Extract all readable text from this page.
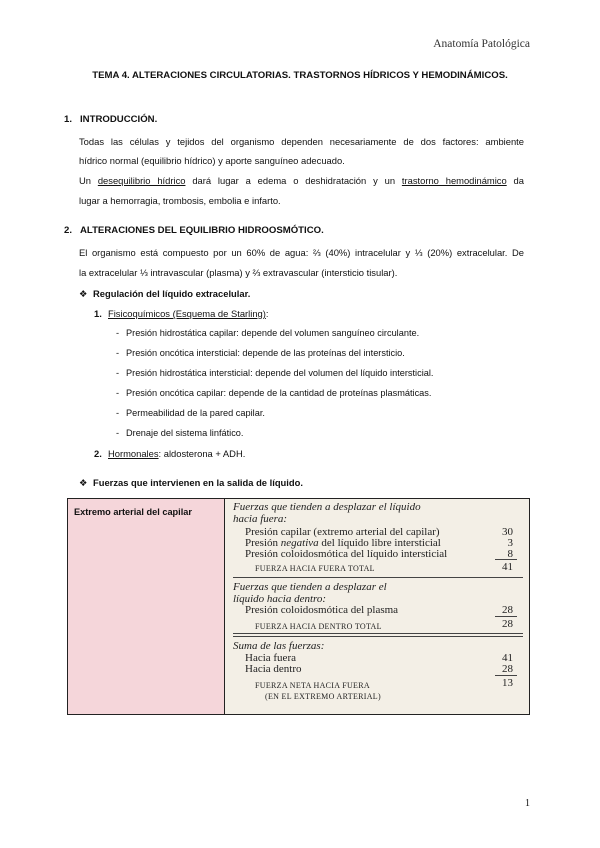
Anatomía Patológica
TEMA 4. ALTERACIONES CIRCULATORIAS. TRASTORNOS HÍDRICOS Y HEMODINÁMICOS.
1. INTRODUCCIÓN.
Todas las células y tejidos del organismo dependen necesariamente de dos factores: ambiente
hídrico normal (equilibrio hídrico) y aporte sanguíneo adecuado.
Un desequilibrio hídrico dará lugar a edema o deshidratación y un trastorno hemodinámico da
lugar a hemorragia, trombosis, embolia e infarto.
2. ALTERACIONES DEL EQUILIBRIO HIDROOSMÓTICO.
El organismo está compuesto por un 60% de agua: ⅔ (40%) intracelular y ⅓ (20%) extracelular. De
la extracelular ⅓ intravascular (plasma) y ⅔ extravascular (intersticio tisular).
❖ Regulación del líquido extracelular.
1. Fisicoquímicos (Esquema de Starling):
- Presión hidrostática capilar: depende del volumen sanguíneo circulante.
- Presión oncótica intersticial: depende de las proteínas del intersticio.
- Presión hidrostática intersticial: depende del volumen del líquido intersticial.
- Presión oncótica capilar: depende de la cantidad de proteínas plasmáticas.
- Permeabilidad de la pared capilar.
- Drenaje del sistema linfático.
2. Hormonales: aldosterona + ADH.
❖ Fuerzas que intervienen en la salida de líquido.
Extremo arterial del capilar	Fuerzas que tienden a desplazar el líquido
hacia fuera:
Presión capilar (extremo arterial del capilar)	30
Presión negativa del líquido libre intersticial	3
Presión coloidosmótica del líquido intersticial	8
FUERZA HACIA FUERA TOTAL	41
Fuerzas que tienden a desplazar el
líquido hacia dentro:
Presión coloidosmótica del plasma	28
FUERZA HACIA DENTRO TOTAL	28
Suma de las fuerzas:
Hacia fuera	41
Hacia dentro	28
FUERZA NETA HACIA FUERA	13
(EN EL EXTREMO ARTERIAL)
1
